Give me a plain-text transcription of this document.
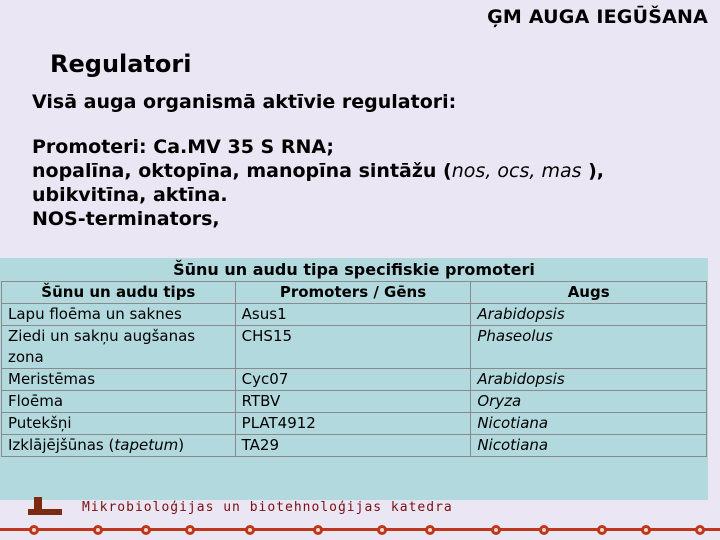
ĢM AUGA IEGŪŠANA
Regulatori
Visā auga organismā aktīvie regulatori:
Promoteri: Ca.MV 35 S RNA;
nopalīna, oktopīna, manopīna sintāžu (nos, ocs, mas ),
ubikvitīna, aktīna.
NOS-terminators,
Šūnu un audu tipa specifiskie promoteri
Šūnu un audu tips	Promoters / Gēns	Augs
Lapu floēma un saknes	Asus1	Arabidopsis
Ziedi un sakņu augšanas zona	CHS15	Phaseolus
Meristēmas	Cyc07	Arabidopsis
Floēma	RTBV	Oryza
Putekšņi	PLAT4912	Nicotiana
Izklājējšūnas (tapetum)	TA29	Nicotiana
Mikrobioloģijas un biotehnoloģijas katedra
